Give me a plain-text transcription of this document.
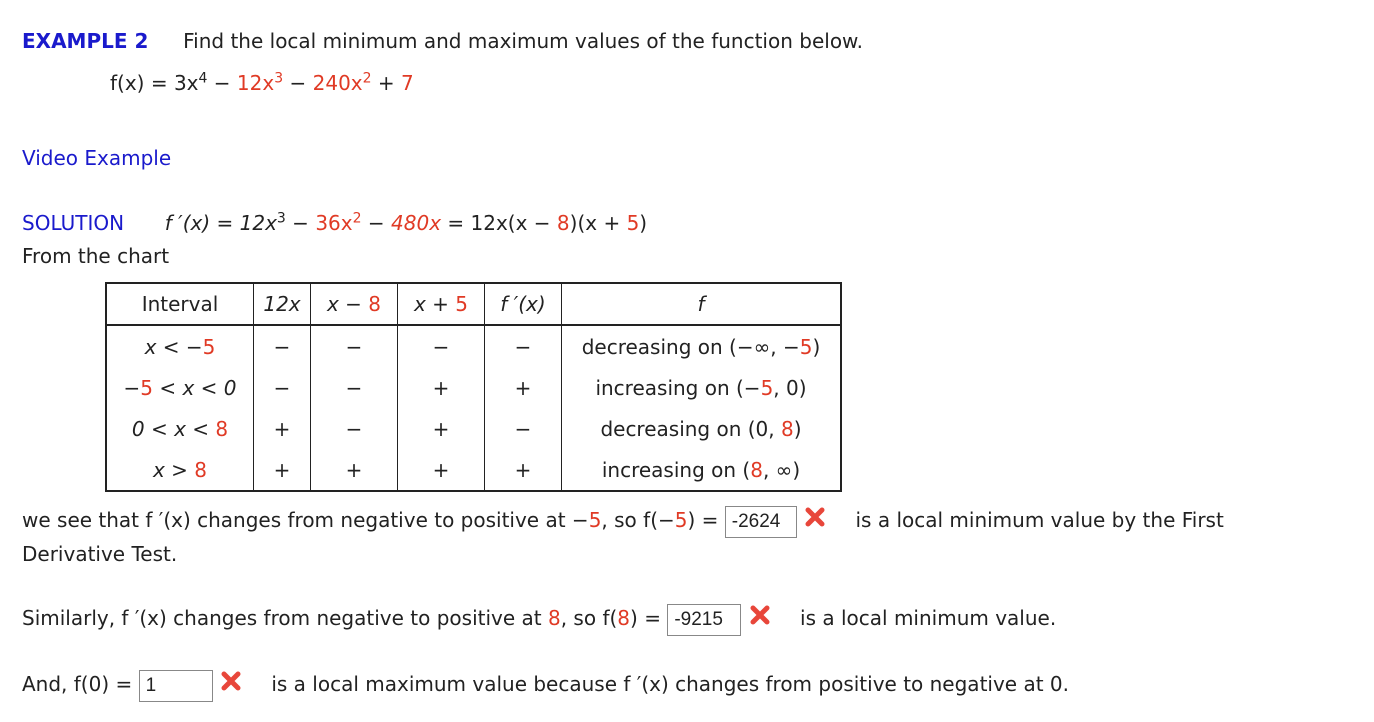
EXAMPLE 2 Find the local minimum and maximum values of the function below.
$f(x) = 3x^4 - 12x^3 - 240x^2 + 7$
Video Example
SOLUTION f $'(x) = 12x^3 - 36x^2 - 480x = 12x(x - 8)(x + 5)$
From the chart
Interval	12x	x − 8	x + 5	f ′(x)	f
x < −5	−	−	−	−	decreasing on (−∞, −5)
−5 < x < 0	−	−	+	+	increasing on (−5, 0)
0 < x < 8	+	−	+	−	decreasing on (0, 8)
x > 8	+	+	+	+	increasing on (8, ∞)
we see that f ′(x) changes from negative to positive at −5, so f(−5) = -2624	is a local minimum value by the First
Derivative Test.
Similarly, f ′(x) changes from negative to positive at 8, so f(8) = -9215	is a local minimum value.
And, f(0) = 1	is a local maximum value because f ′(x) changes from positive to negative at 0.
